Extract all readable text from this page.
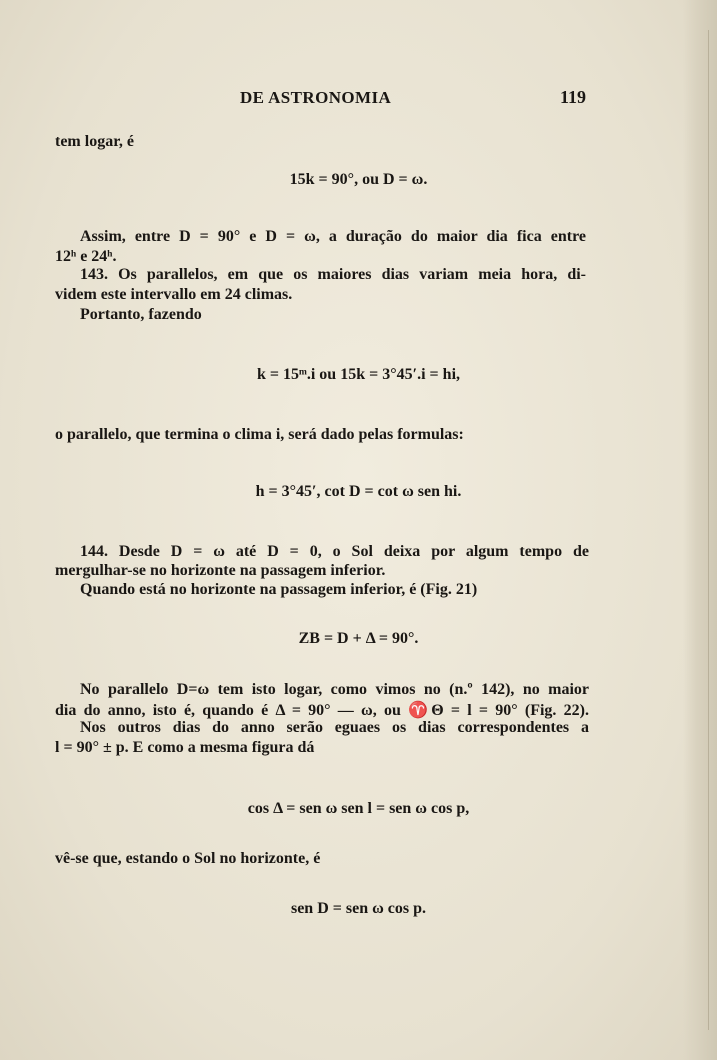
DE ASTRONOMIA	119
tem logar, é
15k = 90°, ou D = ω.
Assim, entre D = 90° e D = ω, a duração do maior dia fica entre
12ʰ e 24ʰ.
143. Os parallelos, em que os maiores dias variam meia hora, di-
videm este intervallo em 24 climas.
Portanto, fazendo
k = 15ᵐ.i ou 15k = 3°45′.i = hi,
o parallelo, que termina o clima i, será dado pelas formulas:
h = 3°45′, cot D = cot ω sen hi.
144. Desde D = ω até D = 0, o Sol deixa por algum tempo de
mergulhar-se no horizonte na passagem inferior.
Quando está no horizonte na passagem inferior, é (Fig. 21)
ZB = D + Δ = 90°.
No parallelo D=ω tem isto logar, como vimos no (n.º 142), no maior
dia do anno, isto é, quando é Δ = 90° — ω, ou ♈Θ = l = 90° (Fig. 22).
Nos outros dias do anno serão eguaes os dias correspondentes a
l = 90° ± p. E como a mesma figura dá
cos Δ = sen ω sen l = sen ω cos p,
vê-se que, estando o Sol no horizonte, é
sen D = sen ω cos p.
